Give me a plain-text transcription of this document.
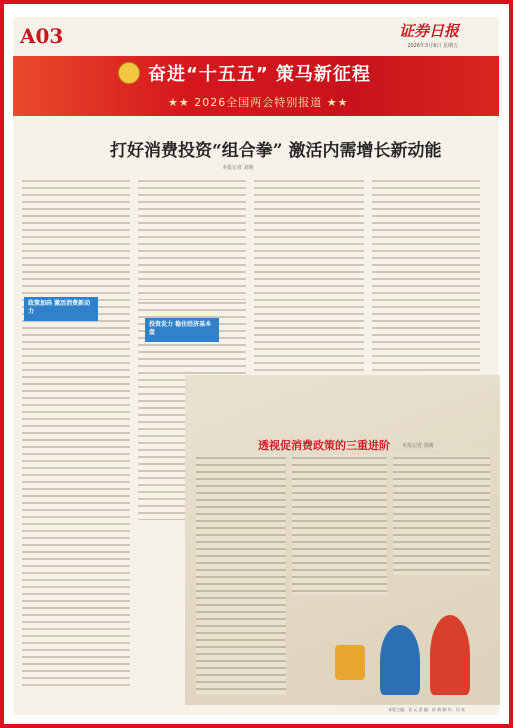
A03	证券日报
2026年3月6日 星期五
奋进“十五五” 策马新征程
★★ 2026全国两会特别报道 ★★
打好消费投资“组合拳” 激活内需增长新动能
本报记者 刘萌
政策加码 激活消费新动力
投资发力 稳住经济基本盘
透视促消费政策的三重进阶 本报记者 刘萌
本版主编：袁 元 责 编：孙 倩 制 作：闫 亮
